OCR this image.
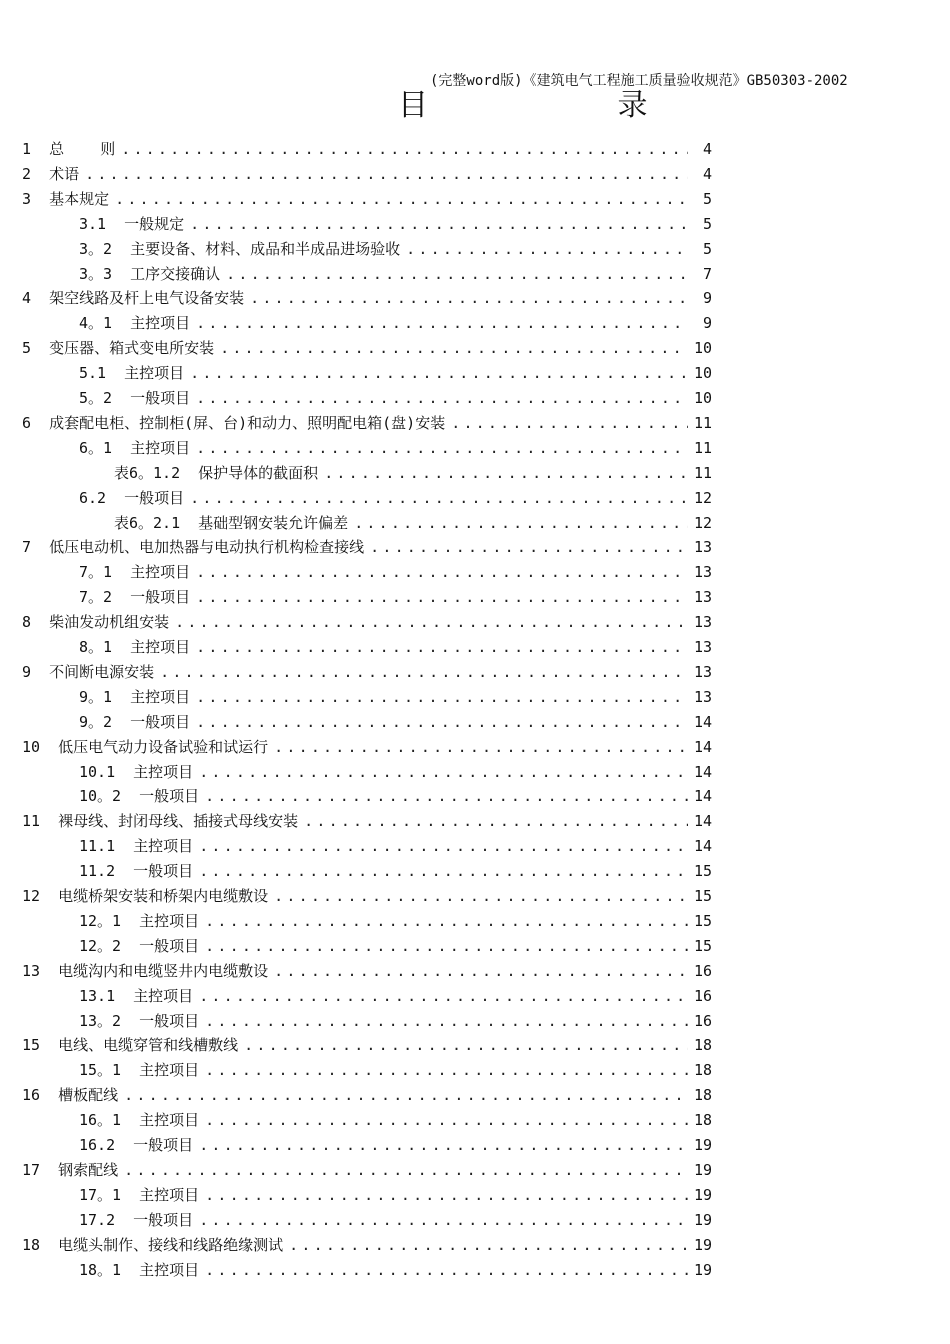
(完整word版)《建筑电气工程施工质量验收规范》GB50303-2002
目 录
1  总    则 .....	4
2  术语 .....	4
3  基本规定 .....	5
3.1  一般规定 .....	5
3。2  主要设备、材料、成品和半成品进场验收 .....	5
3。3  工序交接确认 .....	7
4  架空线路及杆上电气设备安装 .....	9
4。1  主控项目 .....	9
5  变压器、箱式变电所安装 .....	10
5.1  主控项目 .....	10
5。2  一般项目 .....	10
6  成套配电柜、控制柜(屏、台)和动力、照明配电箱(盘)安装 .....	11
6。1  主控项目 .....	11
表6。1.2  保护导体的截面积 .....	11
6.2  一般项目 .....	12
表6。2.1  基础型钢安装允许偏差 .....	12
7  低压电动机、电加热器与电动执行机构检查接线 .....	13
7。1  主控项目 .....	13
7。2  一般项目 .....	13
8  柴油发动机组安装 .....	13
8。1  主控项目 .....	13
9  不间断电源安装 .....	13
9。1  主控项目 .....	13
9。2  一般项目 .....	14
10  低压电气动力设备试验和试运行 .....	14
10.1  主控项目 .....	14
10。2  一般项目 .....	14
11  裸母线、封闭母线、插接式母线安装 .....	14
11.1  主控项目 .....	14
11.2  一般项目 .....	15
12  电缆桥架安装和桥架内电缆敷设 .....	15
12。1  主控项目 .....	15
12。2  一般项目 .....	15
13  电缆沟内和电缆竖井内电缆敷设 .....	16
13.1  主控项目 .....	16
13。2  一般项目 .....	16
15  电线、电缆穿管和线槽敷线 .....	18
15。1  主控项目 .....	18
16  槽板配线 .....	18
16。1  主控项目 .....	18
16.2  一般项目 .....	19
17  钢索配线 .....	19
17。1  主控项目 .....	19
17.2  一般项目 .....	19
18  电缆头制作、接线和线路绝缘测试 .....	19
18。1  主控项目 .....	19
